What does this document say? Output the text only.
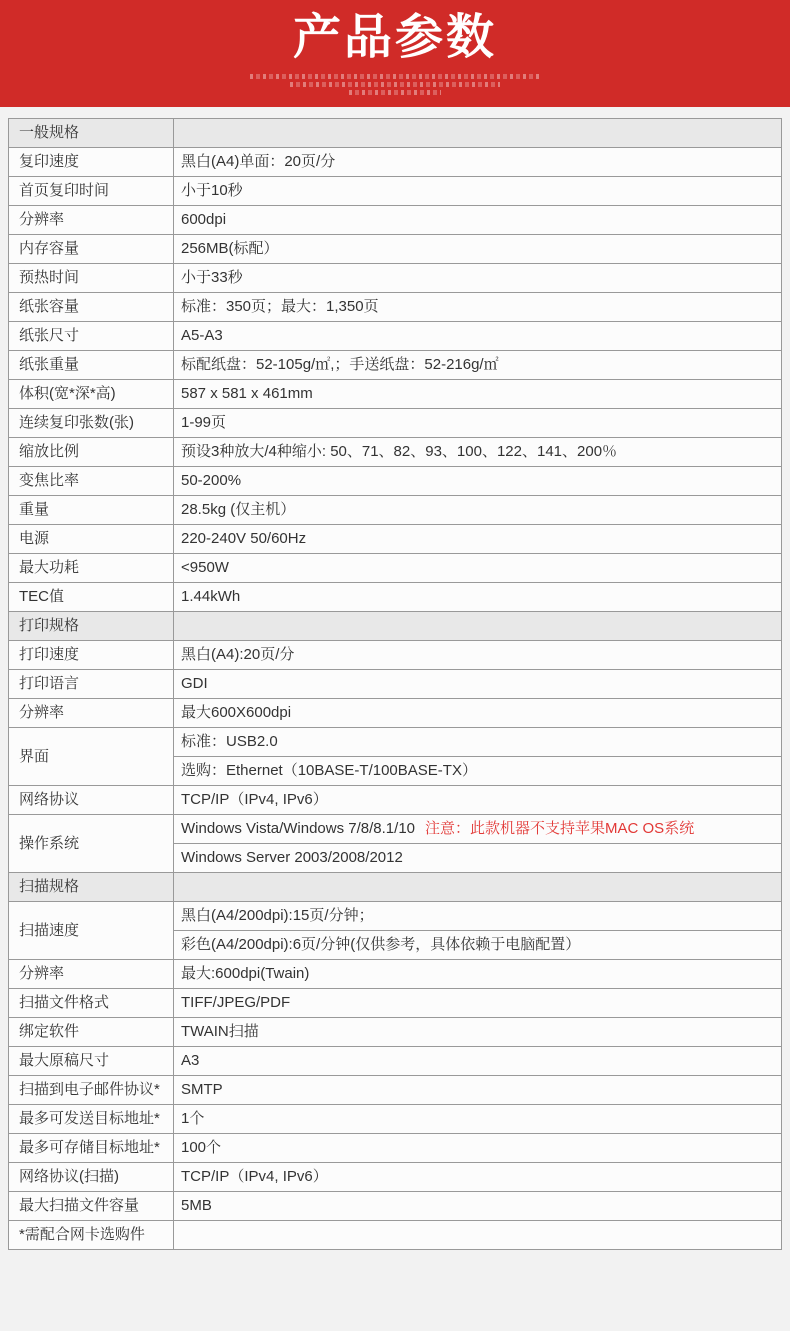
产品参数
一般规格	
复印速度	黑白(A4)单面：20页/分
首页复印时间	小于10秒
分辨率	600dpi
内存容量	256MB(标配）
预热时间	小于33秒
纸张容量	标准：350页；最大：1,350页
纸张尺寸	A5-A3
纸张重量	标配纸盘：52-105g/㎡,；手送纸盘：52-216g/㎡
体积(宽*深*高)	587 x 581 x 461mm
连续复印张数(张)	1-99页
缩放比例	预设3种放大/4种缩小: 50、71、82、93、100、122、141、200％
变焦比率	50-200%
重量	28.5kg (仅主机）
电源	220-240V 50/60Hz
最大功耗	<950W
TEC值	1.44kWh
打印规格	
打印速度	黑白(A4):20页/分
打印语言	GDI
分辨率	最大600X600dpi
界面	标准：USB2.0
	选购：Ethernet（10BASE-T/100BASE-TX）
网络协议	TCP/IP（IPv4, IPv6）
操作系统	Windows Vista/Windows 7/8/8.1/10 注意：此款机器不支持苹果MAC OS系统
	Windows Server 2003/2008/2012
扫描规格	
扫描速度	黑白(A4/200dpi):15页/分钟；
	彩色(A4/200dpi):6页/分钟(仅供参考，具体依赖于电脑配置）
分辨率	最大:600dpi(Twain)
扫描文件格式	TIFF/JPEG/PDF
绑定软件	TWAIN扫描
最大原稿尺寸	A3
扫描到电子邮件协议*	SMTP
最多可发送目标地址*	1个
最多可存储目标地址*	100个
网络协议(扫描)	TCP/IP（IPv4, IPv6）
最大扫描文件容量	5MB
*需配合网卡选购件	
